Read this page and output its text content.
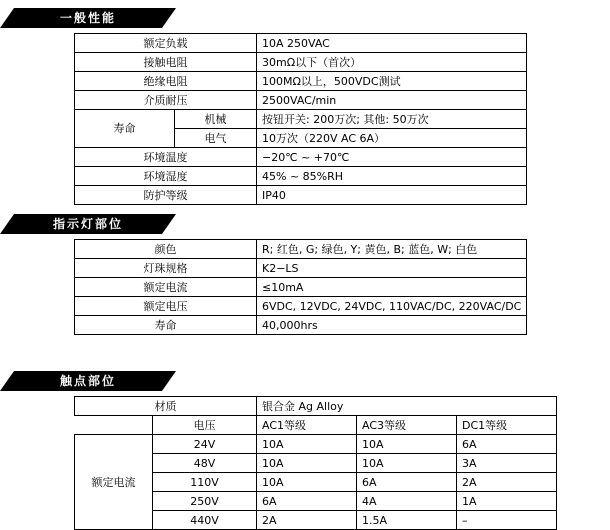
一般性能
额定负载		10A 250VAC
接触电阻		30mΩ以下（首次）
绝缘电阻		100MΩ以上，500VDC测试
介质耐压		2500VAC/min
寿命	机械	按钮开关: 200万次; 其他: 50万次
	电气	10万次（220V AC 6A）
环境温度		−20℃ ~ +70℃
环境湿度		45% ~ 85%RH
防护等级		IP40
指示灯部位
颜色	R; 红色, G; 绿色, Y; 黄色, B; 蓝色, W; 白色
灯珠规格	K2−LS
额定电流	≤10mA
额定电压	6VDC, 12VDC, 24VDC, 110VAC/DC, 220VAC/DC
寿命	40,000hrs
触点部位
材质		银合金 Ag Alloy		
	电压	AC1等级	AC3等级	DC1等级
额定电流	24V	10A	10A	6A
	48V	10A	10A	3A
	110V	10A	6A	2A
	250V	6A	4A	1A
	440V	2A	1.5A	–
